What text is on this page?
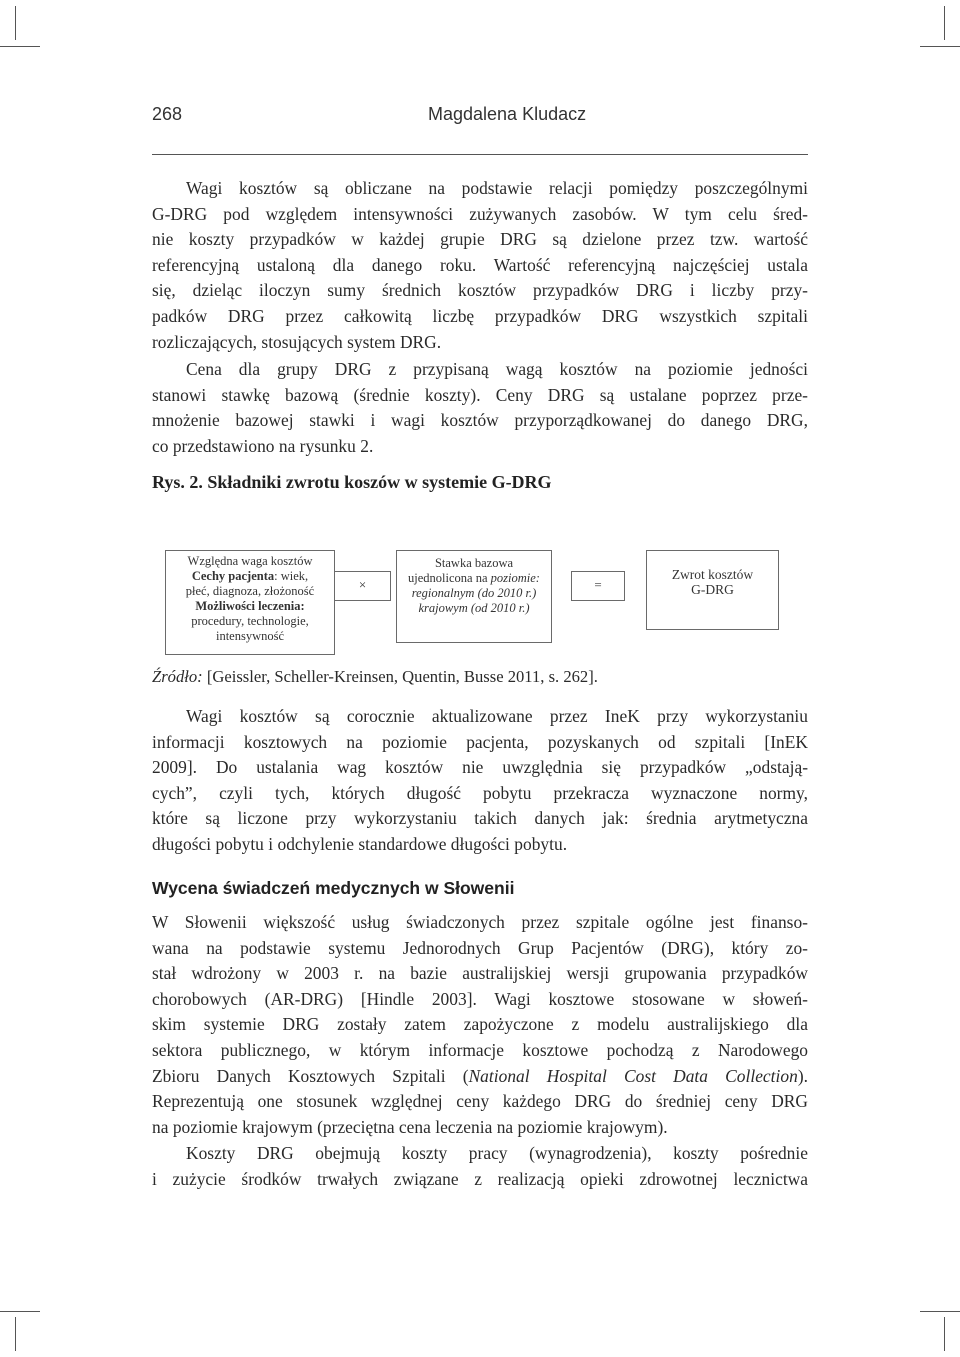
268	Magdalena Kludacz
Wagi kosztów są obliczane na podstawie relacji pomiędzy poszczególnymi
G-DRG pod względem intensywności zużywanych zasobów. W tym celu śred-
nie koszty przypadków w każdej grupie DRG są dzielone przez tzw. wartość
referencyjną ustaloną dla danego roku. Wartość referencyjną najczęściej ustala
się, dzieląc iloczyn sumy średnich kosztów przypadków DRG i liczby przy-
padków DRG przez całkowitą liczbę przypadków DRG wszystkich szpitali
rozliczających, stosujących system DRG.
Cena dla grupy DRG z przypisaną wagą kosztów na poziomie jedności
stanowi stawkę bazową (średnie koszty). Ceny DRG są ustalane poprzez prze-
mnożenie bazowej stawki i wagi kosztów przyporządkowanej do danego DRG,
co przedstawiono na rysunku 2.
Rys. 2. Składniki zwrotu koszów w systemie G-DRG
Względna waga kosztów
Cechy pacjenta: wiek,
płeć, diagnoza, złożoność
Możliwości leczenia:
procedury, technologie,
intensywność
×
Stawka bazowa
ujednolicona na poziomie:
regionalnym (do 2010 r.)
krajowym (od 2010 r.)
=
Zwrot kosztów
G-DRG
Źródło: [Geissler, Scheller-Kreinsen, Quentin, Busse 2011, s. 262].
Wagi kosztów są corocznie aktualizowane przez IneK przy wykorzystaniu
informacji kosztowych na poziomie pacjenta, pozyskanych od szpitali [InEK
2009]. Do ustalania wag kosztów nie uwzględnia się przypadków „odstają-
cych”, czyli tych, których długość pobytu przekracza wyznaczone normy,
które są liczone przy wykorzystaniu takich danych jak: średnia arytmetyczna
długości pobytu i odchylenie standardowe długości pobytu.
Wycena świadczeń medycznych w Słowenii
W Słowenii większość usług świadczonych przez szpitale ogólne jest finanso-
wana na podstawie systemu Jednorodnych Grup Pacjentów (DRG), który zo-
stał wdrożony w 2003 r. na bazie australijskiej wersji grupowania przypadków
chorobowych (AR-DRG) [Hindle 2003]. Wagi kosztowe stosowane w słoweń-
skim systemie DRG zostały zatem zapożyczone z modelu australijskiego dla
sektora publicznego, w którym informacje kosztowe pochodzą z Narodowego
Zbioru Danych Kosztowych Szpitali (National Hospital Cost Data Collection).
Reprezentują one stosunek względnej ceny każdego DRG do średniej ceny DRG
na poziomie krajowym (przeciętna cena leczenia na poziomie krajowym).
Koszty DRG obejmują koszty pracy (wynagrodzenia), koszty pośrednie
i zużycie środków trwałych związane z realizacją opieki zdrowotnej lecznictwa
